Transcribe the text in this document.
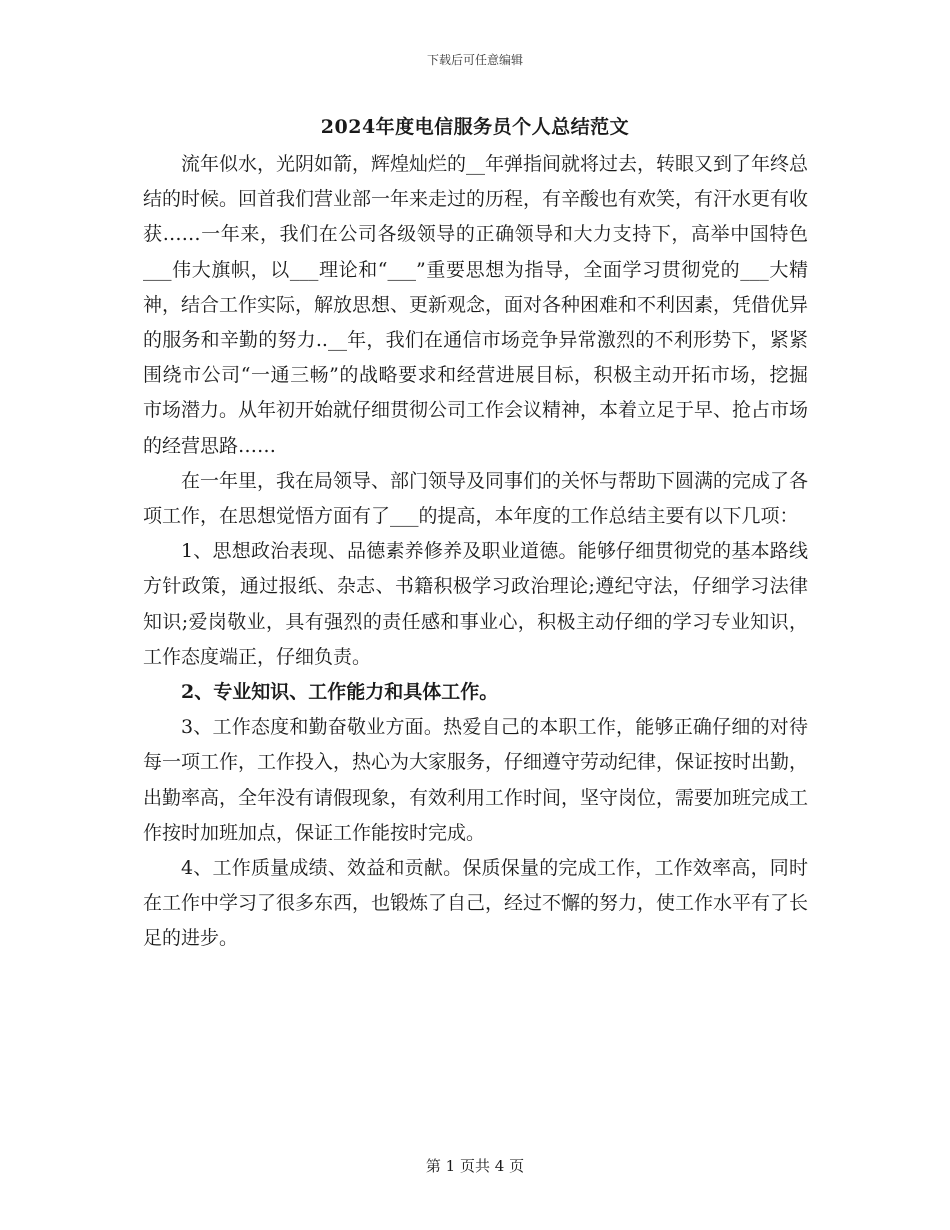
下载后可任意编辑
2024年度电信服务员个人总结范文

流年似水，光阴如箭，辉煌灿烂的__年弹指间就将过去，转眼又到了年终总结的时候。回首我们营业部一年来走过的历程，有辛酸也有欢笑，有汗水更有收获……一年来，我们在公司各级领导的正确领导和大力支持下，高举中国特色___伟大旗帜，以___理论和“___”重要思想为指导，全面学习贯彻党的___大精神，结合工作实际，解放思想、更新观念，面对各种困难和不利因素，凭借优异的服务和辛勤的努力..__年，我们在通信市场竞争异常激烈的不利形势下，紧紧围绕市公司“一通三畅”的战略要求和经营进展目标，积极主动开拓市场，挖掘市场潜力。从年初开始就仔细贯彻公司工作会议精神，本着立足于早、抢占市场的经营思路……

在一年里，我在局领导、部门领导及同事们的关怀与帮助下圆满的完成了各项工作，在思想觉悟方面有了___的提高，本年度的工作总结主要有以下几项：

1、思想政治表现、品德素养修养及职业道德。能够仔细贯彻党的基本路线方针政策，通过报纸、杂志、书籍积极学习政治理论;遵纪守法，仔细学习法律知识;爱岗敬业，具有强烈的责任感和事业心，积极主动仔细的学习专业知识，工作态度端正，仔细负责。

2、专业知识、工作能力和具体工作。

3、工作态度和勤奋敬业方面。热爱自己的本职工作，能够正确仔细的对待每一项工作，工作投入，热心为大家服务，仔细遵守劳动纪律，保证按时出勤，出勤率高，全年没有请假现象，有效利用工作时间，坚守岗位，需要加班完成工作按时加班加点，保证工作能按时完成。

4、工作质量成绩、效益和贡献。保质保量的完成工作，工作效率高，同时在工作中学习了很多东西，也锻炼了自己，经过不懈的努力，使工作水平有了长足的进步。

第 1 页共 4 页
